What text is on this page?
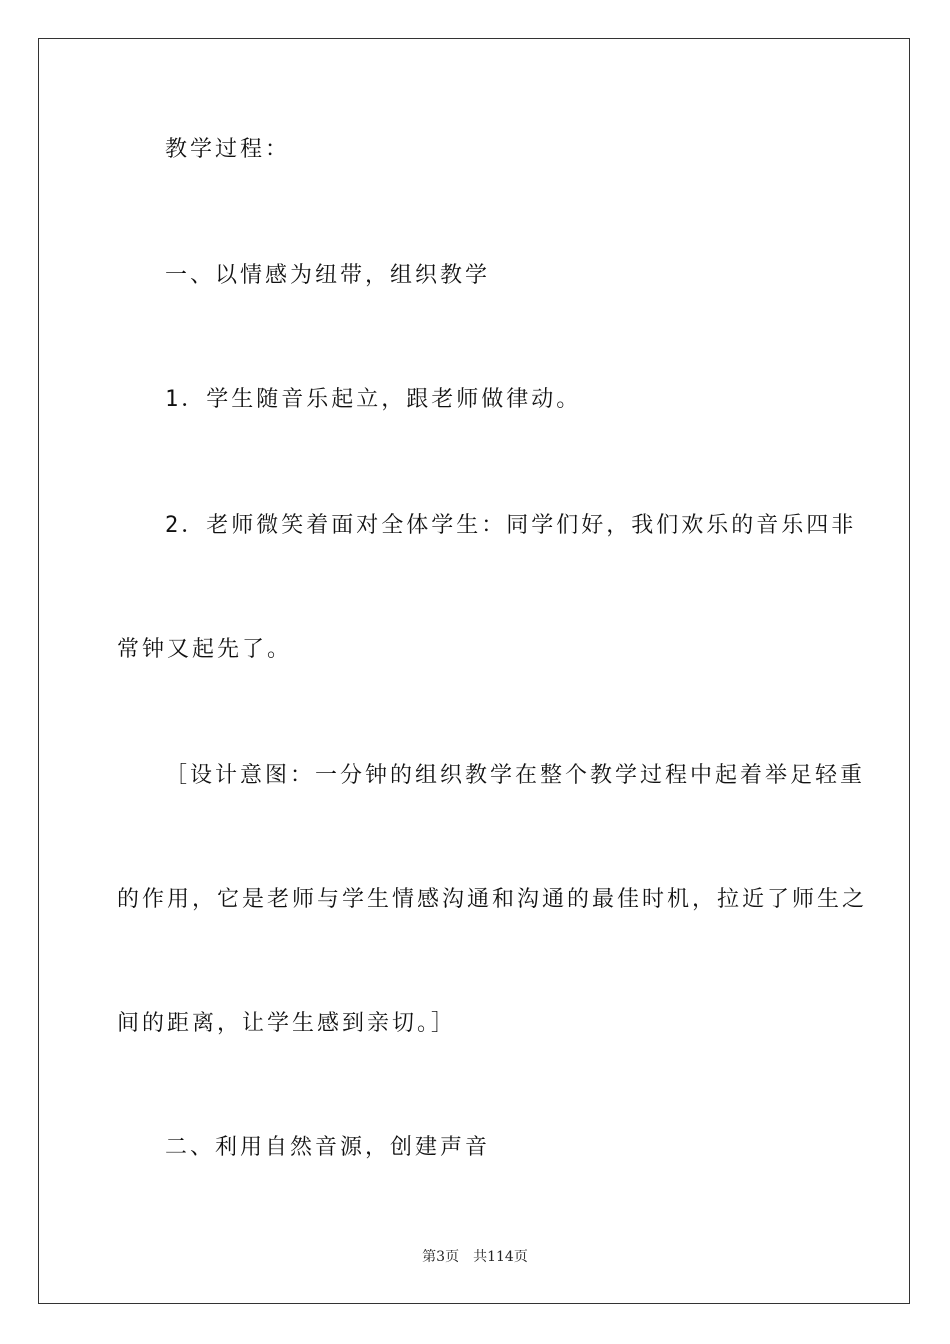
教学过程：
一、以情感为纽带，组织教学
1．学生随音乐起立，跟老师做律动。
2．老师微笑着面对全体学生：同学们好，我们欢乐的音乐四非
常钟又起先了。
［设计意图：一分钟的组织教学在整个教学过程中起着举足轻重
的作用，它是老师与学生情感沟通和沟通的最佳时机，拉近了师生之
间的距离，让学生感到亲切。］
二、利用自然音源，创建声音
第3页 共114页
